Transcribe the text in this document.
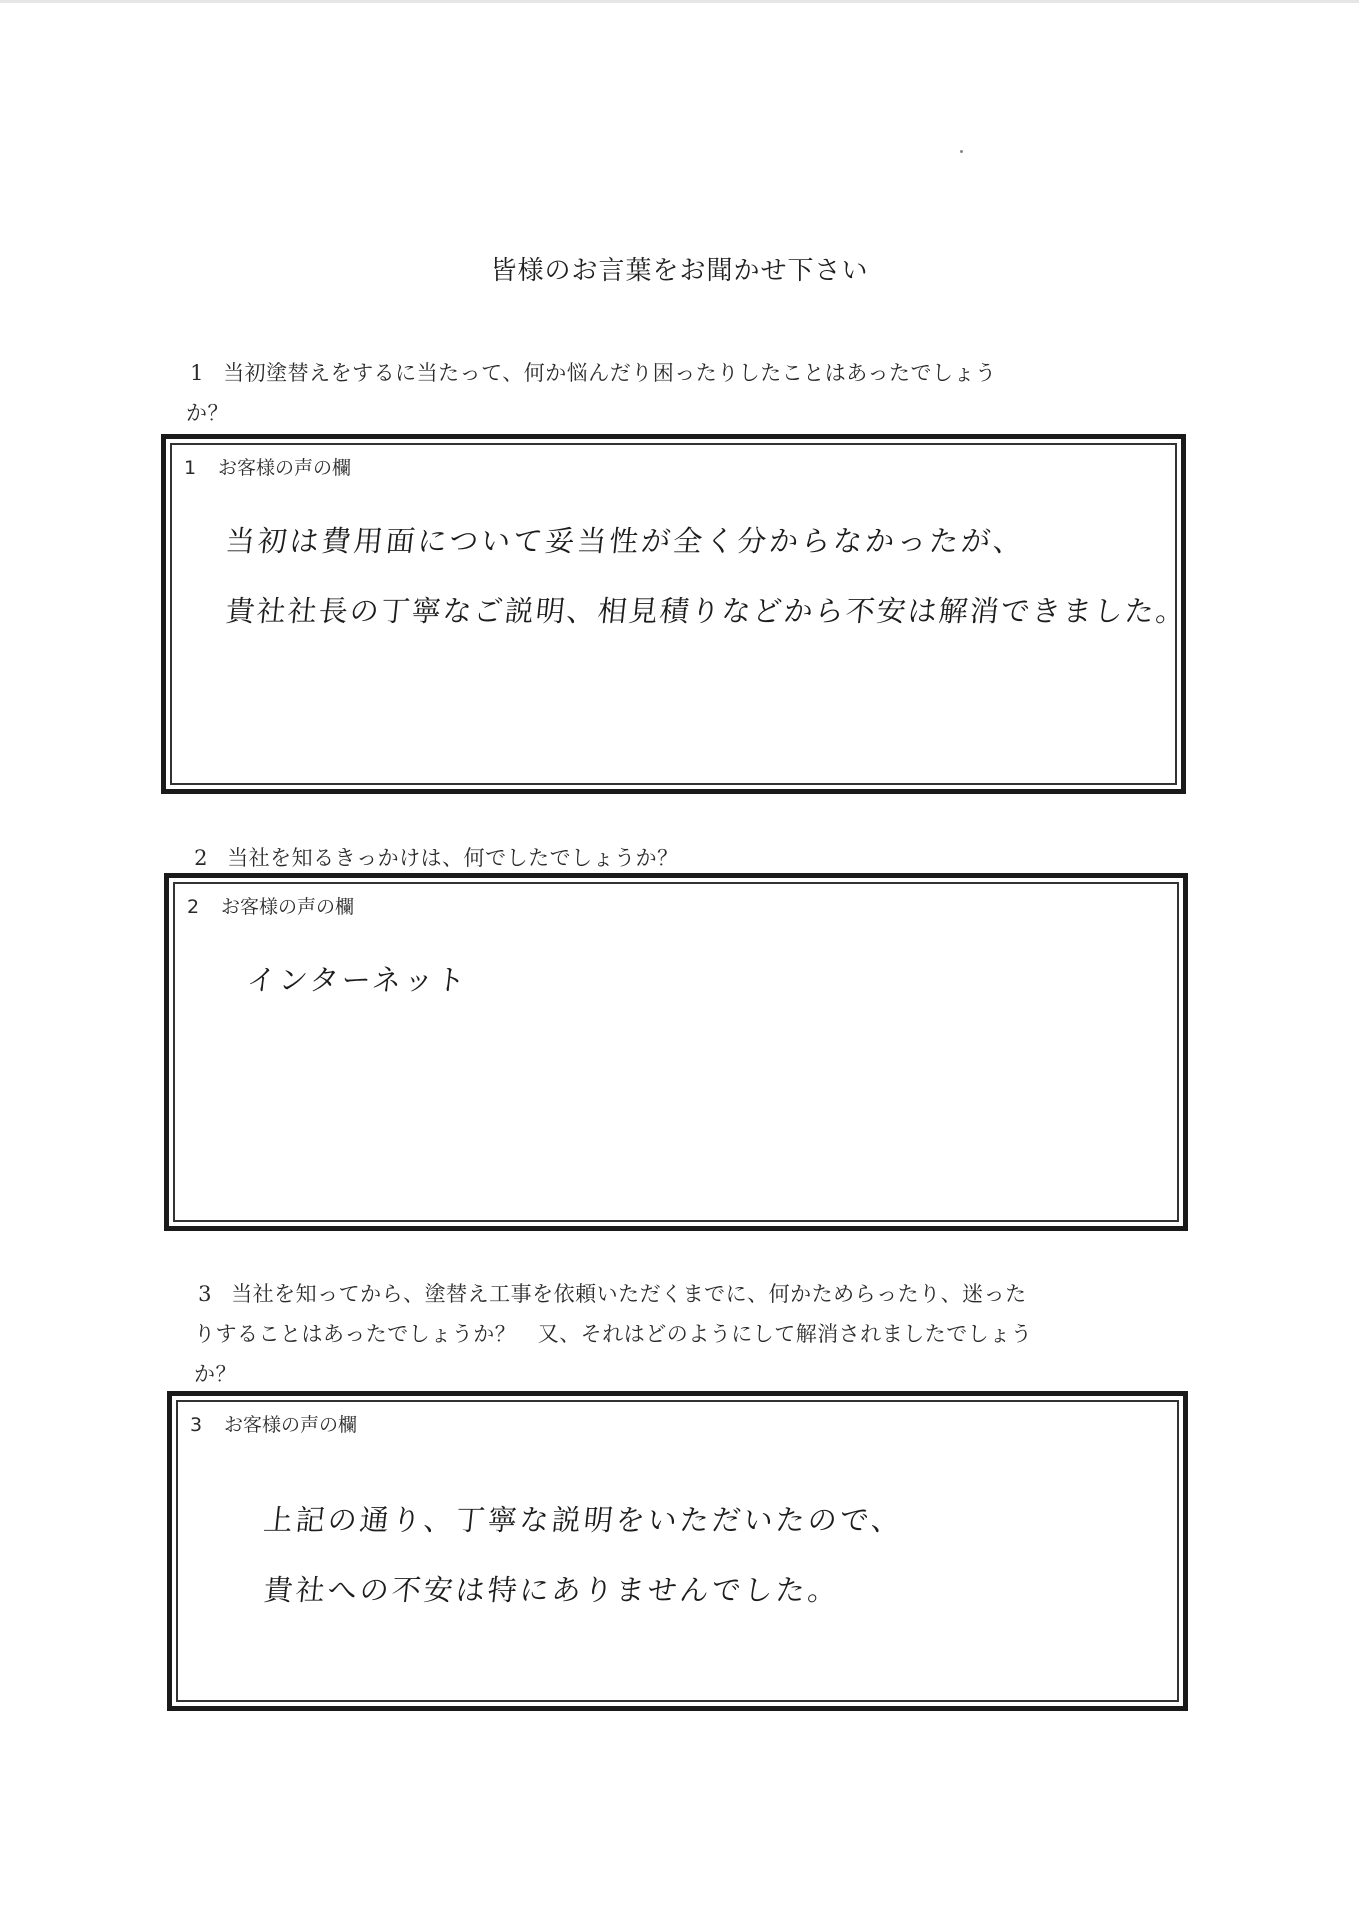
皆様のお言葉をお聞かせ下さい
1 当初塗替えをするに当たって、何か悩んだり困ったりしたことはあったでしょう
か？
1 お客様の声の欄
当初は費用面について妥当性が全く分からなかったが、
貴社社長の丁寧なご説明、相見積りなどから不安は解消できました。
2 当社を知るきっかけは、何でしたでしょうか？
2 お客様の声の欄
インターネット
3 当社を知ってから、塗替え工事を依頼いただくまでに、何かためらったり、迷った
りすることはあったでしょうか？　又、それはどのようにして解消されましたでしょう
か？
3 お客様の声の欄
上記の通り、丁寧な説明をいただいたので、
貴社への不安は特にありませんでした。
